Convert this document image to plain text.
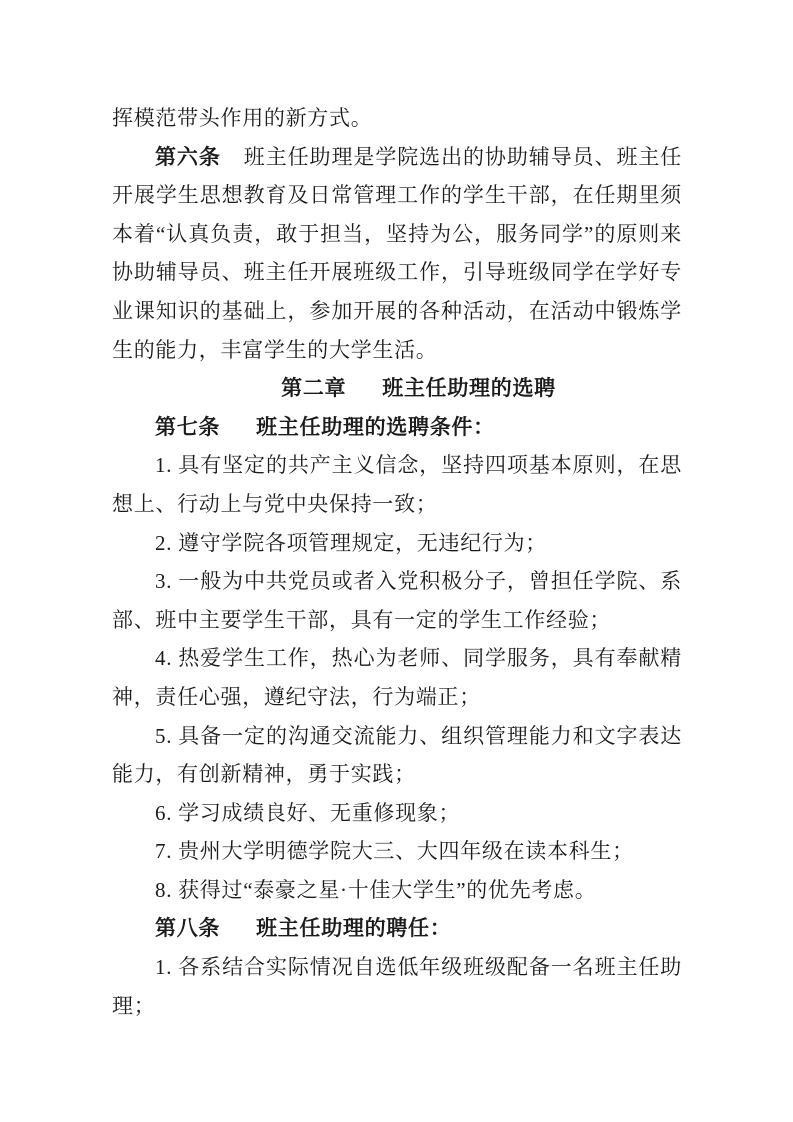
挥模范带头作用的新方式。

第六条 班主任助理是学院选出的协助辅导员、班主任开展学生思想教育及日常管理工作的学生干部，在任期里须本着“认真负责，敢于担当，坚持为公，服务同学”的原则来协助辅导员、班主任开展班级工作，引导班级同学在学好专业课知识的基础上，参加开展的各种活动，在活动中锻炼学生的能力，丰富学生的大学生活。

第二章 班主任助理的选聘

第七条 班主任助理的选聘条件：

1. 具有坚定的共产主义信念，坚持四项基本原则，在思想上、行动上与党中央保持一致；

2. 遵守学院各项管理规定，无违纪行为；

3. 一般为中共党员或者入党积极分子，曾担任学院、系部、班中主要学生干部，具有一定的学生工作经验；

4. 热爱学生工作，热心为老师、同学服务，具有奉献精神，责任心强，遵纪守法，行为端正；

5. 具备一定的沟通交流能力、组织管理能力和文字表达能力，有创新精神，勇于实践；

6. 学习成绩良好、无重修现象；

7. 贵州大学明德学院大三、大四年级在读本科生；

8. 获得过“泰豪之星·十佳大学生”的优先考虑。

第八条 班主任助理的聘任：

1. 各系结合实际情况自选低年级班级配备一名班主任助理；
